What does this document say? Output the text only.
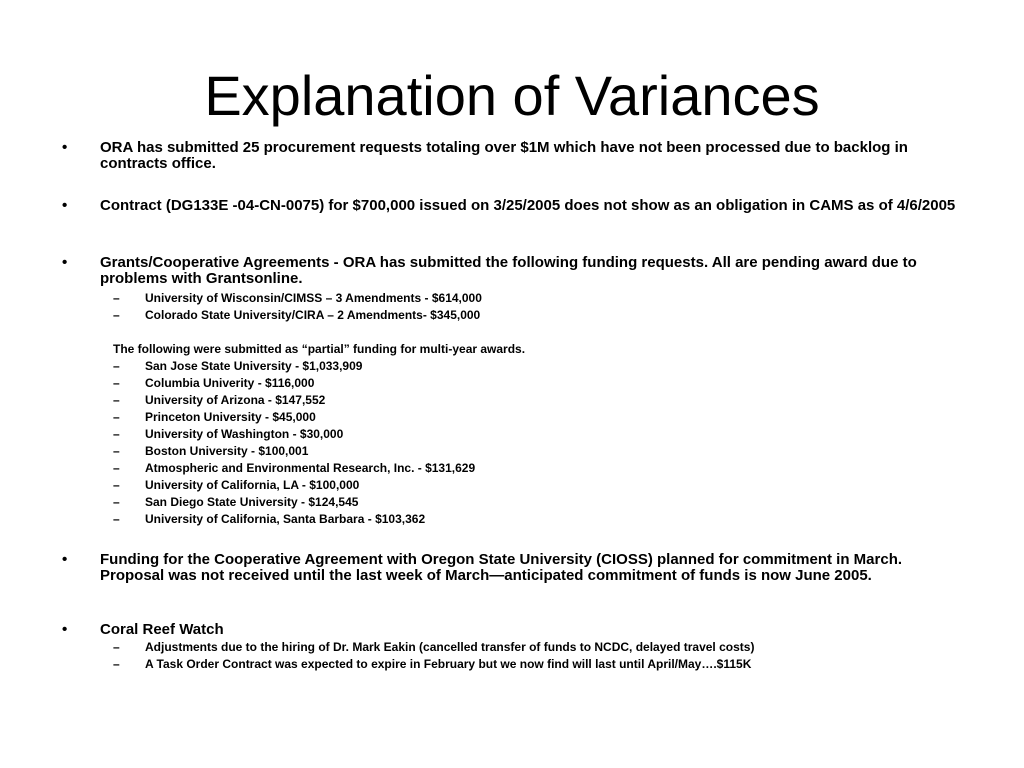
Explanation of Variances
• ORA has submitted 25 procurement requests totaling over $1M which have not been processed due to backlog in contracts office.
• Contract (DG133E -04-CN-0075) for $700,000 issued on 3/25/2005 does not show as an obligation in CAMS as of 4/6/2005
• Grants/Cooperative Agreements - ORA has submitted the following funding requests. All are pending award due to problems with Grantsonline.
– University of Wisconsin/CIMSS – 3 Amendments - $614,000
– Colorado State University/CIRA – 2 Amendments- $345,000
The following were submitted as “partial” funding for multi-year awards.
– San Jose State University - $1,033,909
– Columbia Univerity - $116,000
– University of Arizona - $147,552
– Princeton University - $45,000
– University of Washington - $30,000
– Boston University - $100,001
– Atmospheric and Environmental Research, Inc. - $131,629
– University of California, LA - $100,000
– San Diego State University - $124,545
– University of California, Santa Barbara - $103,362
• Funding for the Cooperative Agreement with Oregon State University (CIOSS) planned for commitment in March. Proposal was not received until the last week of March—anticipated commitment of funds is now June 2005.
• Coral Reef Watch
– Adjustments due to the hiring of Dr. Mark Eakin (cancelled transfer of funds to NCDC, delayed travel costs)
– A Task Order Contract was expected to expire in February but we now find will last until April/May….$115K
